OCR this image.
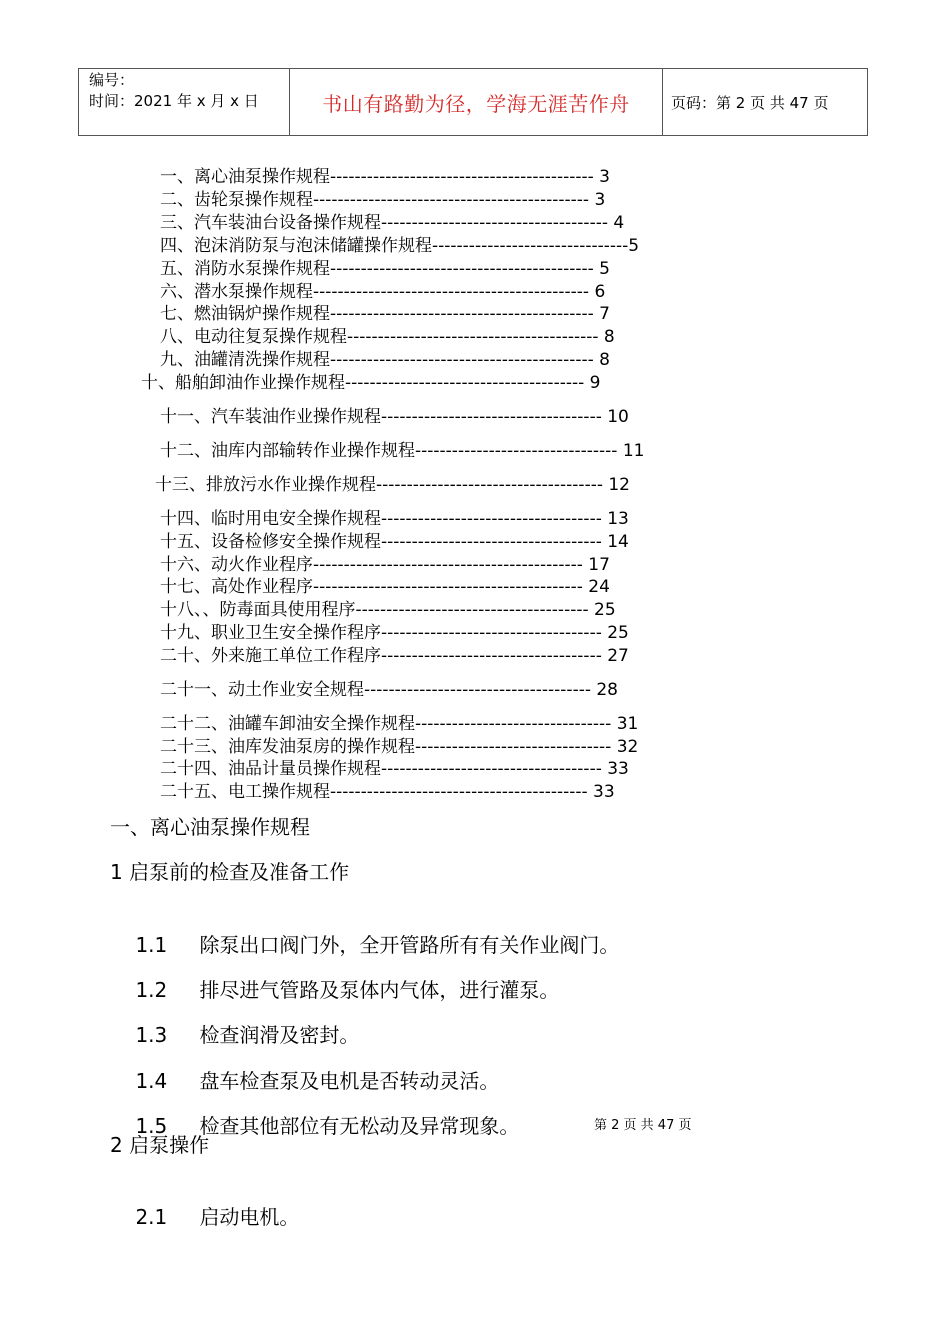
编号：
时间：2021 年 x 月 x 日	书山有路勤为径，学海无涯苦作舟	页码：第 2 页 共 47 页
一、离心油泵操作规程------------------------------------------- 3
二、齿轮泵操作规程--------------------------------------------- 3
三、汽车装油台设备操作规程------------------------------------- 4
四、泡沫消防泵与泡沫储罐操作规程--------------------------------5
五、消防水泵操作规程------------------------------------------- 5
六、潜水泵操作规程--------------------------------------------- 6
七、燃油锅炉操作规程------------------------------------------- 7
八、电动往复泵操作规程----------------------------------------- 8
九、油罐清洗操作规程------------------------------------------- 8
十、船舶卸油作业操作规程--------------------------------------- 9
十一、汽车装油作业操作规程------------------------------------ 10
十二、油库内部输转作业操作规程--------------------------------- 11
十三、排放污水作业操作规程------------------------------------- 12
十四、临时用电安全操作规程------------------------------------ 13
十五、设备检修安全操作规程------------------------------------ 14
十六、动火作业程序-------------------------------------------- 17
十七、高处作业程序-------------------------------------------- 24
十八、、防毒面具使用程序-------------------------------------- 25
十九、职业卫生安全操作程序------------------------------------ 25
二十、外来施工单位工作程序------------------------------------ 27
二十一、动土作业安全规程------------------------------------- 28
二十二、油罐车卸油安全操作规程-------------------------------- 31
二十三、油库发油泵房的操作规程-------------------------------- 32
二十四、油品计量员操作规程------------------------------------ 33
二十五、电工操作规程------------------------------------------ 33
一、离心油泵操作规程
1 启泵前的检查及准备工作

1.1 除泵出口阀门外，全开管路所有有关作业阀门。

1.2 排尽进气管路及泵体内气体，进行灌泵。

1.3 检查润滑及密封。

1.4 盘车检查泵及电机是否转动灵活。

1.5 检查其他部位有无松动及异常现象。
	第 2 页 共 47 页
2 启泵操作

2.1 启动电机。
